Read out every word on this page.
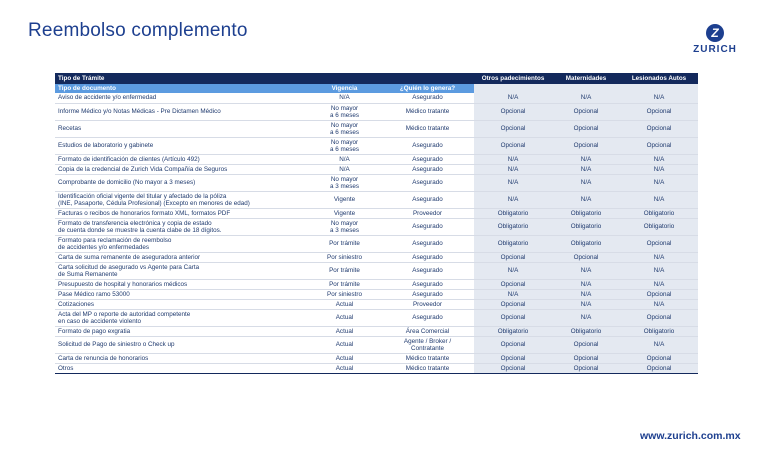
Reembolso complemento	Z
ZURICH
Tipo de Trámite			Otros padecimientos	Maternidades	Lesionados Autos
Tipo de documento	Vigencia	¿Quién lo genera?			
Aviso de accidente y/o enfermedad	N/A	Asegurado	N/A	N/A	N/A
Informe Médico y/o Notas Médicas - Pre Dictamen Médico	No mayor
a 6 meses	Médico tratante	Opcional	Opcional	Opcional
Recetas	No mayor
a 6 meses	Médico tratante	Opcional	Opcional	Opcional
Estudios de laboratorio y gabinete	No mayor
a 6 meses	Asegurado	Opcional	Opcional	Opcional
Formato de identificación de clientes (Artículo 492)	N/A	Asegurado	N/A	N/A	N/A
Copia de la credencial de Zurich Vida Compañía de Seguros	N/A	Asegurado	N/A	N/A	N/A
Comprobante de domicilio (No mayor a 3 meses)	No mayor
a 3 meses	Asegurado	N/A	N/A	N/A
Identificación oficial vigente del titular y afectado de la póliza
(INE, Pasaporte, Cédula Profesional) (Excepto en menores de edad)	Vigente	Asegurado	N/A	N/A	N/A
Facturas o recibos de honorarios formato XML, formatos PDF	Vigente	Proveedor	Obligatorio	Obligatorio	Obligatorio
Formato de transferencia electrónica y copia de estado
de cuenta donde se muestre la cuenta clabe de 18 dígitos.	No mayor
a 3 meses	Asegurado	Obligatorio	Obligatorio	Obligatorio
Formato para reclamación de reembolso
de accidentes y/o enfermedades	Por trámite	Asegurado	Obligatorio	Obligatorio	Opcional
Carta de suma remanente de aseguradora anterior	Por siniestro	Asegurado	Opcional	Opcional	N/A
Carta solicitud de asegurado vs Agente para Carta
de Suma Remanente	Por trámite	Asegurado	N/A	N/A	N/A
Presupuesto de hospital y honorarios médicos	Por trámite	Asegurado	Opcional	N/A	N/A
Pase Médico ramo 53000	Por siniestro	Asegurado	N/A	N/A	Opcional
Cotizaciones	Actual	Proveedor	Opcional	N/A	N/A
Acta del MP o reporte de autoridad competente
en caso de accidente violento	Actual	Asegurado	Opcional	N/A	Opcional
Formato de pago exgratia	Actual	Área Comercial	Obligatorio	Obligatorio	Obligatorio
Solicitud de Pago de siniestro o Check up	Actual	Agente / Broker /
Contratante	Opcional	Opcional	N/A
Carta de renuncia de honorarios	Actual	Médico tratante	Opcional	Opcional	Opcional
Otros	Actual	Médico tratante	Opcional	Opcional	Opcional
www.zurich.com.mx
